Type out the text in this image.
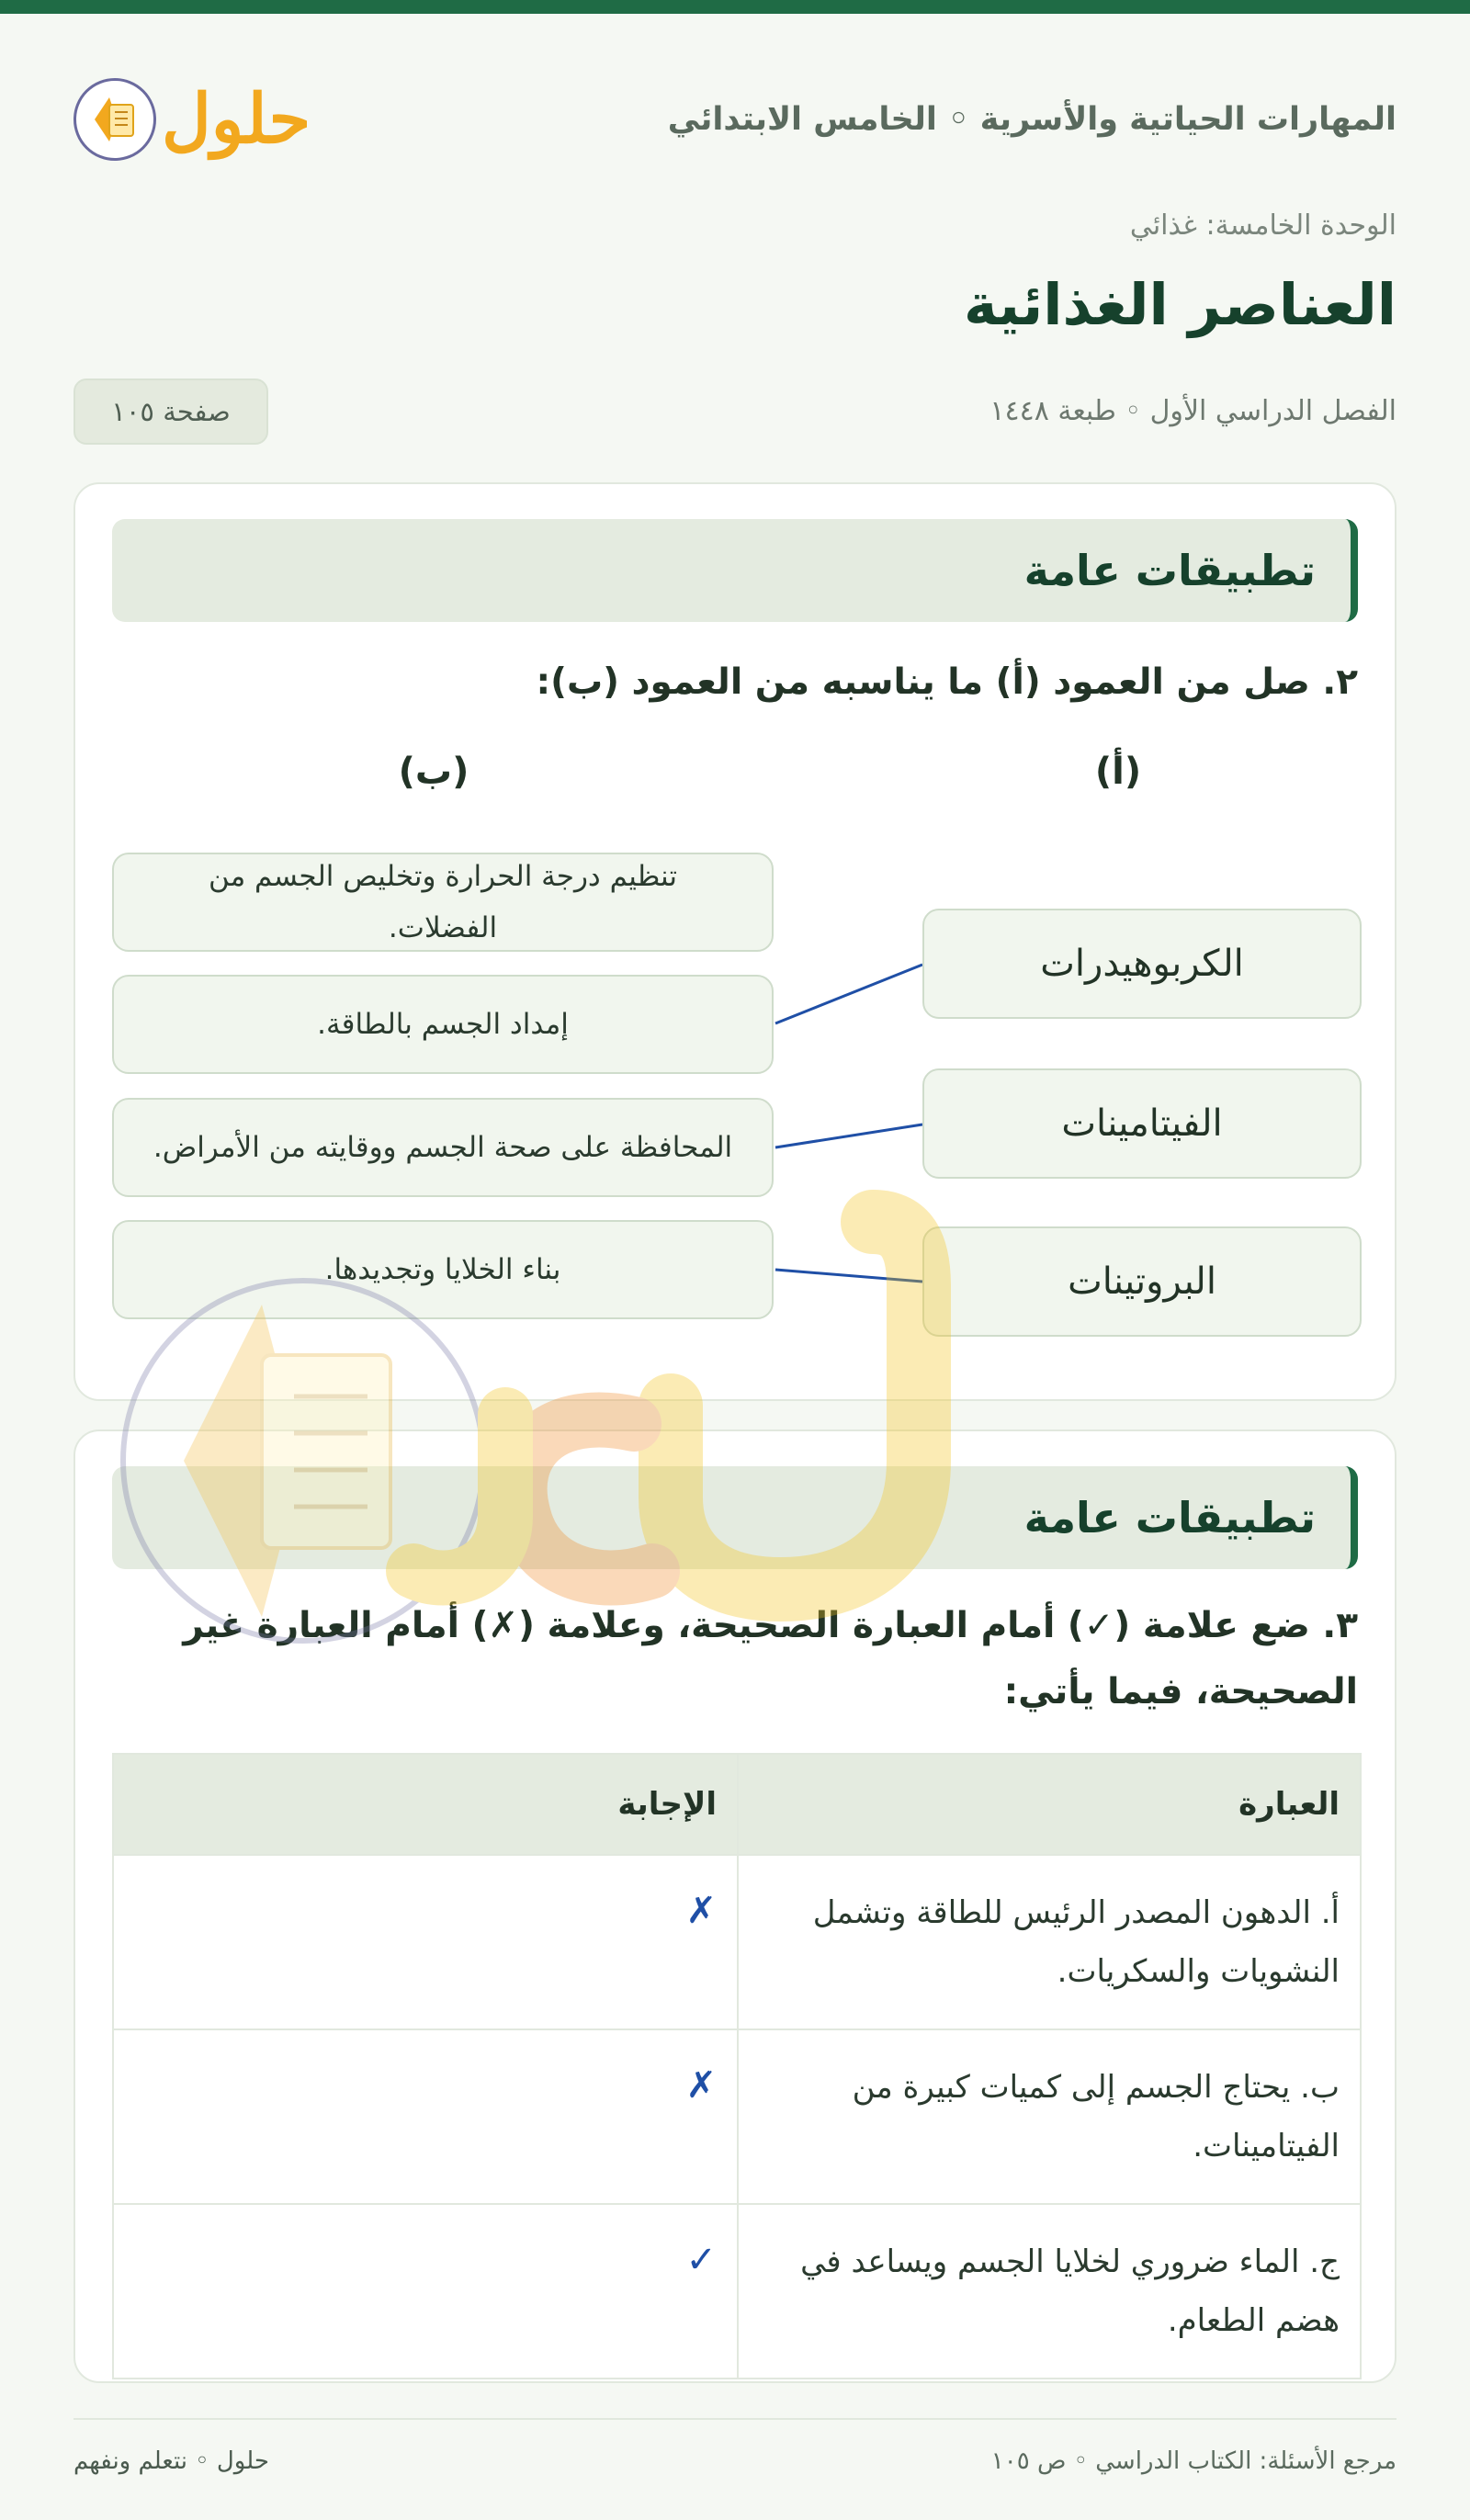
المهارات الحياتية والأسرية ◦ الخامس الابتدائي
حلول
الوحدة الخامسة: غذائي
العناصر الغذائية
الفصل الدراسي الأول ◦ طبعة ١٤٤٨
صفحة ١٠٥
تطبيقات عامة
٢. صل من العمود (أ) ما يناسبه من العمود (ب):
(أ)
(ب)
الكربوهيدرات
الفيتامينات
البروتينات
تنظيم درجة الحرارة وتخليص الجسم من الفضلات.
إمداد الجسم بالطاقة.
المحافظة على صحة الجسم ووقايته من الأمراض.
بناء الخلايا وتجديدها.
تطبيقات عامة
٣. ضع علامة (✓) أمام العبارة الصحيحة، وعلامة (✗) أمام العبارة غير الصحيحة، فيما يأتي:
العبارة	الإجابة
أ. الدهون المصدر الرئيس للطاقة وتشمل النشويات والسكريات.	✗
ب. يحتاج الجسم إلى كميات كبيرة من الفيتامينات.	✗
ج. الماء ضروري لخلايا الجسم ويساعد في هضم الطعام.	✓
مرجع الأسئلة: الكتاب الدراسي ◦ ص ١٠٥
حلول ◦ نتعلم ونفهم
